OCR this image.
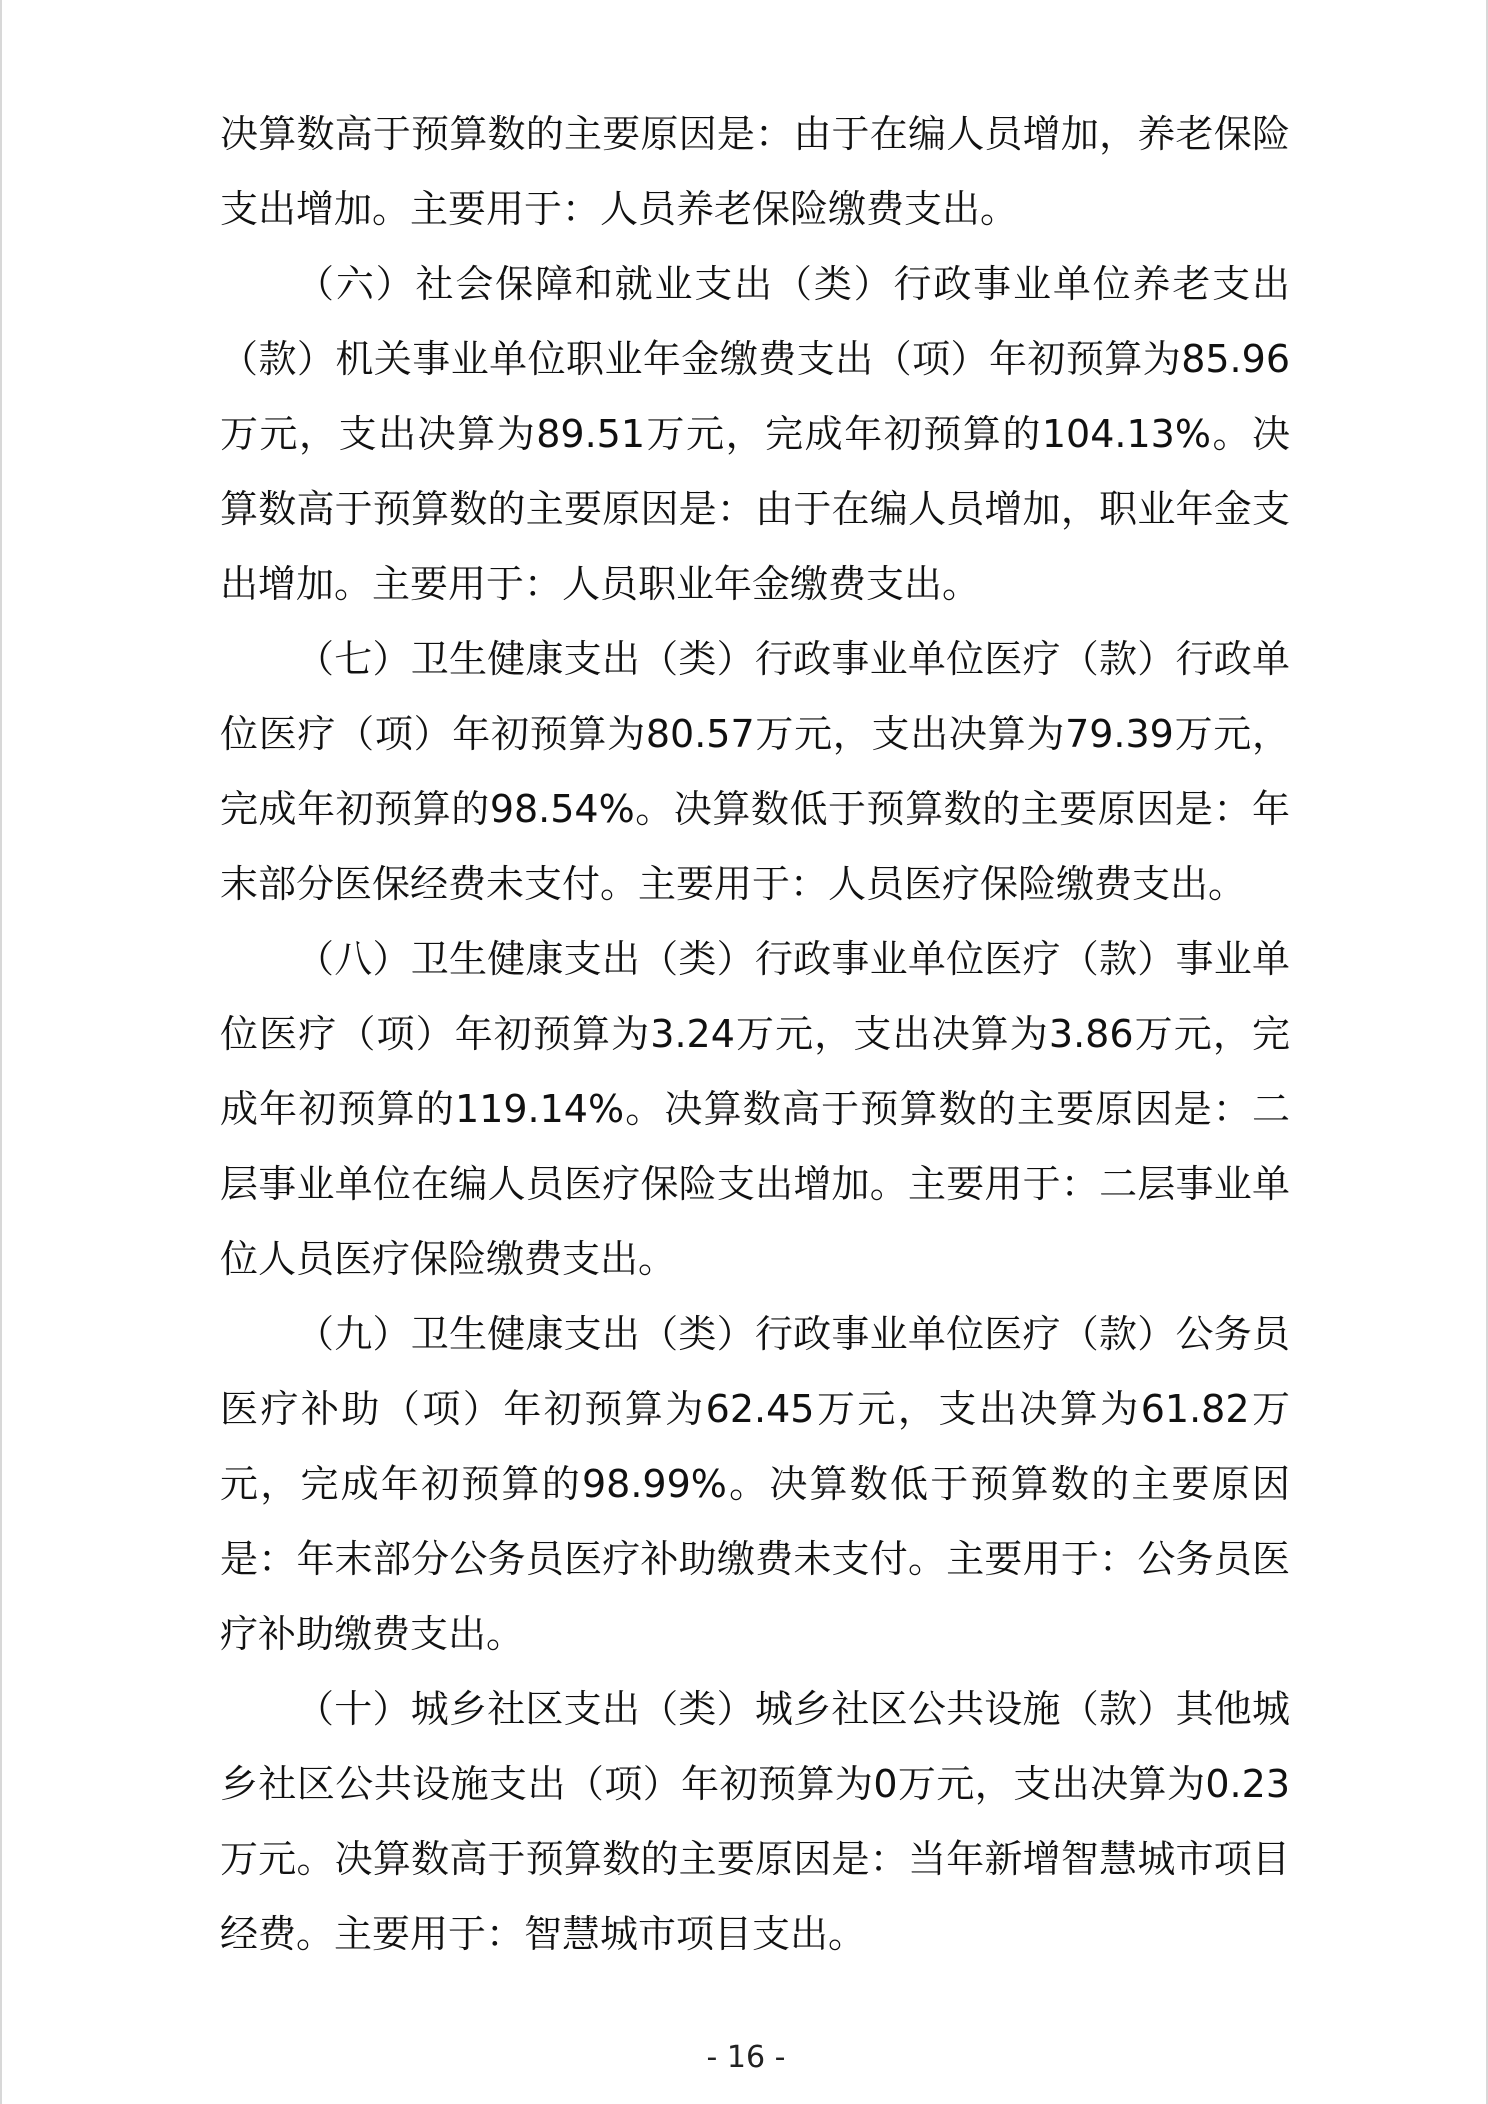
决算数高于预算数的主要原因是：由于在编人员增加，养老保险支出增加。主要用于：人员养老保险缴费支出。

（六）社会保障和就业支出（类）行政事业单位养老支出（款）机关事业单位职业年金缴费支出（项）年初预算为85.96万元，支出决算为89.51万元，完成年初预算的104.13%。决算数高于预算数的主要原因是：由于在编人员增加，职业年金支出增加。主要用于：人员职业年金缴费支出。

（七）卫生健康支出（类）行政事业单位医疗（款）行政单位医疗（项）年初预算为80.57万元，支出决算为79.39万元，完成年初预算的98.54%。决算数低于预算数的主要原因是：年末部分医保经费未支付。主要用于：人员医疗保险缴费支出。

（八）卫生健康支出（类）行政事业单位医疗（款）事业单位医疗（项）年初预算为3.24万元，支出决算为3.86万元，完成年初预算的119.14%。决算数高于预算数的主要原因是：二层事业单位在编人员医疗保险支出增加。主要用于：二层事业单位人员医疗保险缴费支出。

（九）卫生健康支出（类）行政事业单位医疗（款）公务员医疗补助（项）年初预算为62.45万元，支出决算为61.82万元，完成年初预算的98.99%。决算数低于预算数的主要原因是：年末部分公务员医疗补助缴费未支付。主要用于：公务员医疗补助缴费支出。

（十）城乡社区支出（类）城乡社区公共设施（款）其他城乡社区公共设施支出（项）年初预算为0万元，支出决算为0.23万元。决算数高于预算数的主要原因是：当年新增智慧城市项目经费。主要用于：智慧城市项目支出。

- 16 -
